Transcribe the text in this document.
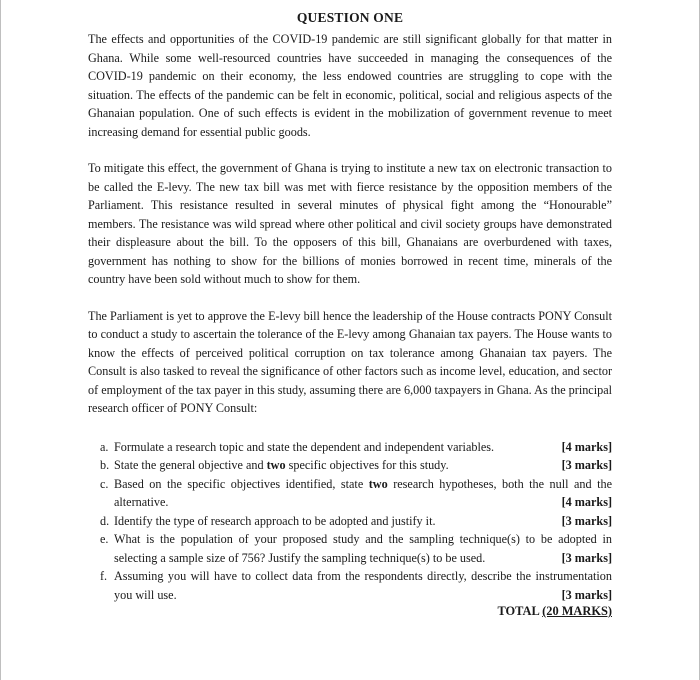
QUESTION ONE

The effects and opportunities of the COVID-19 pandemic are still significant globally for that matter in Ghana. While some well-resourced countries have succeeded in managing the consequences of the COVID-19 pandemic on their economy, the less endowed countries are struggling to cope with the situation. The effects of the pandemic can be felt in economic, political, social and religious aspects of the Ghanaian population. One of such effects is evident in the mobilization of government revenue to meet increasing demand for essential public goods.

To mitigate this effect, the government of Ghana is trying to institute a new tax on electronic transaction to be called the E-levy. The new tax bill was met with fierce resistance by the opposition members of the Parliament. This resistance resulted in several minutes of physical fight among the “Honourable” members. The resistance was wild spread where other political and civil society groups have demonstrated their displeasure about the bill. To the opposers of this bill, Ghanaians are overburdened with taxes, government has nothing to show for the billions of monies borrowed in recent time, minerals of the country have been sold without much to show for them.

The Parliament is yet to approve the E-levy bill hence the leadership of the House contracts PONY Consult to conduct a study to ascertain the tolerance of the E-levy among Ghanaian tax payers. The House wants to know the effects of perceived political corruption on tax tolerance among Ghanaian tax payers. The Consult is also tasked to reveal the significance of other factors such as income level, education, and sector of employment of the tax payer in this study, assuming there are 6,000 taxpayers in Ghana. As the principal research officer of PONY Consult:

a. Formulate a research topic and state the dependent and independent variables.	[4 marks]
b. State the general objective and two specific objectives for this study.	[3 marks]
c. Based on the specific objectives identified, state two research hypotheses, both the null and the alternative.	[4 marks]
d. Identify the type of research approach to be adopted and justify it.	[3 marks]
e. What is the population of your proposed study and the sampling technique(s) to be adopted in selecting a sample size of 756? Justify the sampling technique(s) to be used.	[3 marks]
f. Assuming you will have to collect data from the respondents directly, describe the instrumentation you will use.	[3 marks]
TOTAL (20 MARKS)
